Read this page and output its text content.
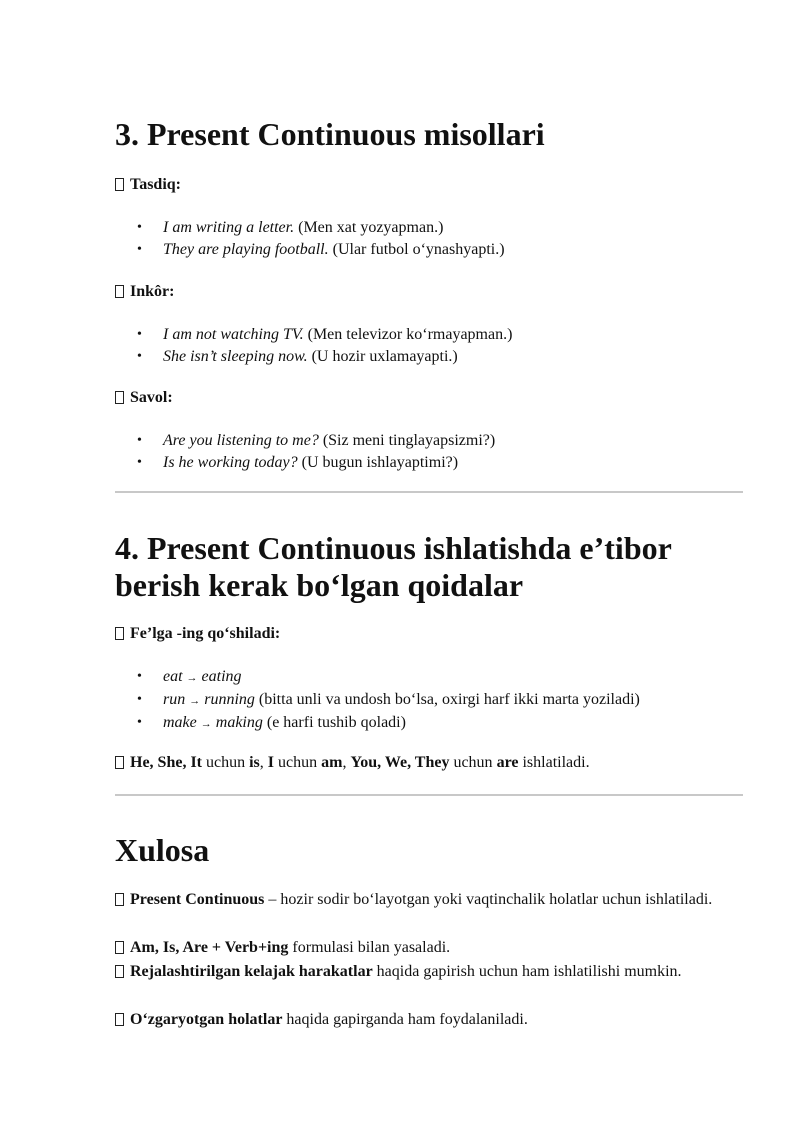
3. Present Continuous misollari
Tasdiq:
• I am writing a letter. (Men xat yozyapman.)
• They are playing football. (Ular futbol o‘ynashyapti.)
Inkôr:
• I am not watching TV. (Men televizor ko‘rmayapman.)
• She isn’t sleeping now. (U hozir uxlamayapti.)
Savol:
• Are you listening to me? (Siz meni tinglayapsizmi?)
• Is he working today? (U bugun ishlayaptimi?)
4. Present Continuous ishlatishda e’tibor berish kerak bo‘lgan qoidalar
Fe’lga -ing qo‘shiladi:
• eat → eating
• run → running (bitta unli va undosh bo‘lsa, oxirgi harf ikki marta yoziladi)
• make → making (e harfi tushib qoladi)
He, She, It uchun is, I uchun am, You, We, They uchun are ishlatiladi.
Xulosa
Present Continuous – hozir sodir bo‘layotgan yoki vaqtinchalik holatlar uchun ishlatiladi.
Am, Is, Are + Verb+ing formulasi bilan yasaladi.
Rejalashtirilgan kelajak harakatlar haqida gapirish uchun ham ishlatilishi mumkin.
O‘zgaryotgan holatlar haqida gapirganda ham foydalaniladi.
